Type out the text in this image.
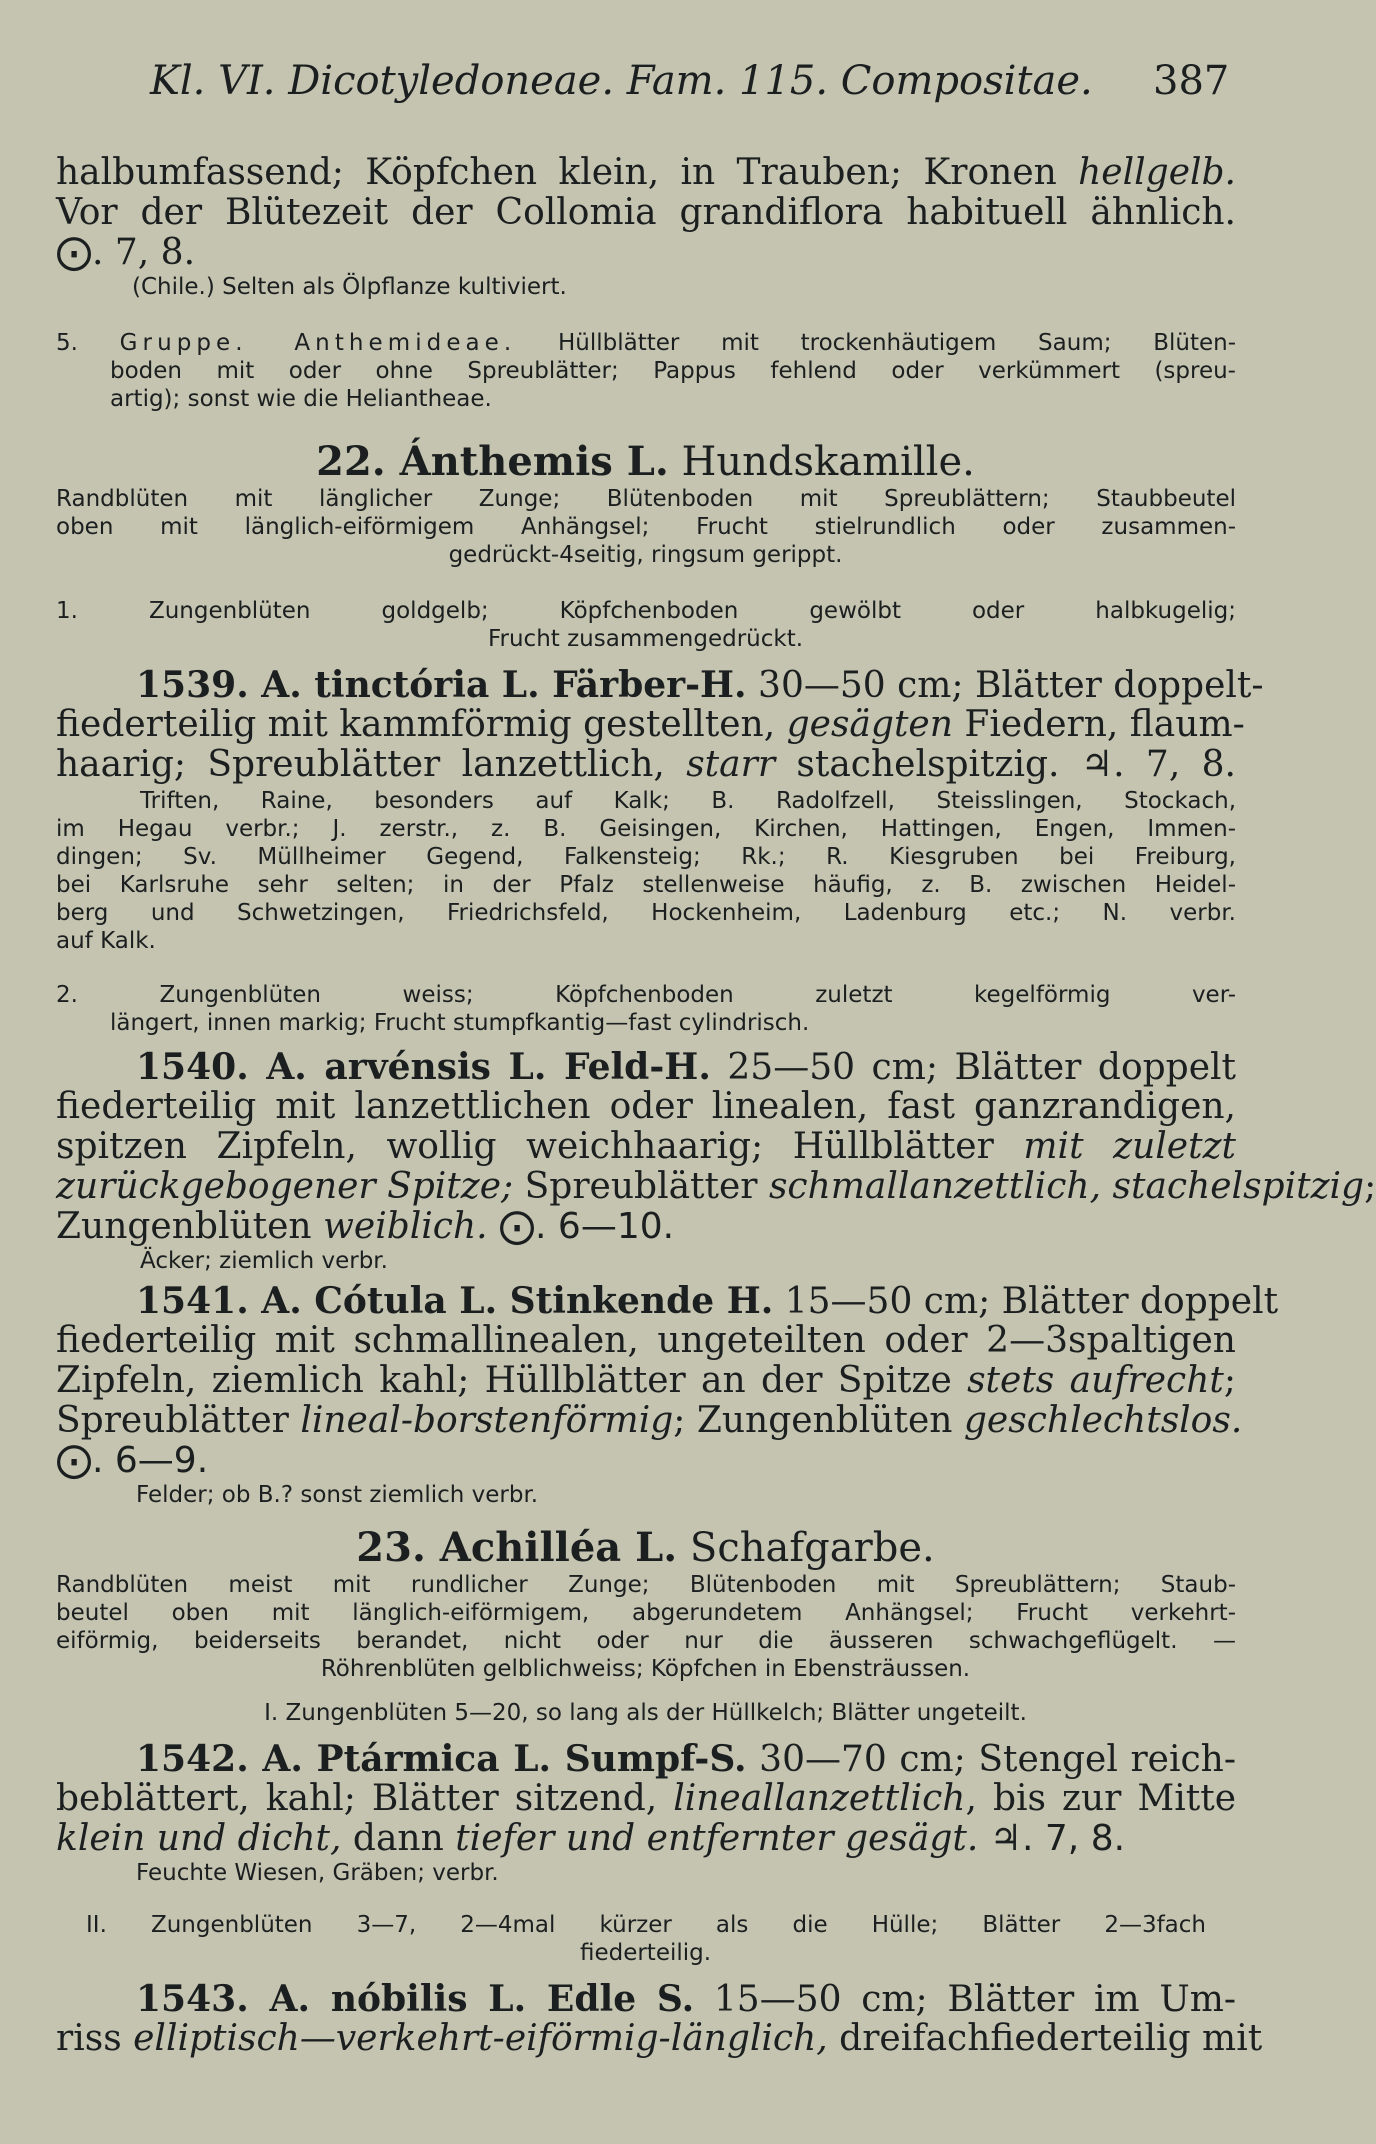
Kl. VI. Dicotyledoneae. Fam. 115. Compositae. 387
halbumfassend; Köpfchen klein, in Trauben; Kronen hellgelb.
Vor der Blütezeit der Collomia grandiflora habituell ähnlich.
⨀. 7, 8.
(Chile.) Selten als Ölpflanze kultiviert.
5. Gruppe. Anthemideae. Hüllblätter mit trockenhäutigem Saum; Blüten-
boden mit oder ohne Spreublätter; Pappus fehlend oder verkümmert (spreu-
artig); sonst wie die Heliantheae.
22. Ánthemis L. Hundskamille.
Randblüten mit länglicher Zunge; Blütenboden mit Spreublättern; Staubbeutel
oben mit länglich-eiförmigem Anhängsel; Frucht stielrundlich oder zusammen-
gedrückt-4seitig, ringsum gerippt.
1. Zungenblüten goldgelb; Köpfchenboden gewölbt oder halbkugelig;
Frucht zusammengedrückt.
1539. A. tinctória L. Färber-H. 30—50 cm; Blätter doppelt-
fiederteilig mit kammförmig gestellten, gesägten Fiedern, flaum-
haarig; Spreublätter lanzettlich, starr stachelspitzig. ♃. 7, 8.
Triften, Raine, besonders auf Kalk; B. Radolfzell, Steisslingen, Stockach,
im Hegau verbr.; J. zerstr., z. B. Geisingen, Kirchen, Hattingen, Engen, Immen-
dingen; Sv. Müllheimer Gegend, Falkensteig; Rk.; R. Kiesgruben bei Freiburg,
bei Karlsruhe sehr selten; in der Pfalz stellenweise häufig, z. B. zwischen Heidel-
berg und Schwetzingen, Friedrichsfeld, Hockenheim, Ladenburg etc.; N. verbr.
auf Kalk.
2. Zungenblüten weiss; Köpfchenboden zuletzt kegelförmig ver-
längert, innen markig; Frucht stumpfkantig—fast cylindrisch.
1540. A. arvénsis L. Feld-H. 25—50 cm; Blätter doppelt
fiederteilig mit lanzettlichen oder linealen, fast ganzrandigen,
spitzen Zipfeln, wollig weichhaarig; Hüllblätter mit zuletzt
zurückgebogener Spitze; Spreublätter schmallanzettlich, stachelspitzig;
Zungenblüten weiblich. ⨀. 6—10.
Äcker; ziemlich verbr.
1541. A. Cótula L. Stinkende H. 15—50 cm; Blätter doppelt
fiederteilig mit schmallinealen, ungeteilten oder 2—3spaltigen
Zipfeln, ziemlich kahl; Hüllblätter an der Spitze stets aufrecht;
Spreublätter lineal-borstenförmig; Zungenblüten geschlechtslos.
⨀. 6—9.
Felder; ob B.? sonst ziemlich verbr.
23. Achilléa L. Schafgarbe.
Randblüten meist mit rundlicher Zunge; Blütenboden mit Spreublättern; Staub-
beutel oben mit länglich-eiförmigem, abgerundetem Anhängsel; Frucht verkehrt-
eiförmig, beiderseits berandet, nicht oder nur die äusseren schwachgeflügelt. —
Röhrenblüten gelblichweiss; Köpfchen in Ebensträussen.
I. Zungenblüten 5—20, so lang als der Hüllkelch; Blätter ungeteilt.
1542. A. Ptármica L. Sumpf-S. 30—70 cm; Stengel reich-
beblättert, kahl; Blätter sitzend, lineallanzettlich, bis zur Mitte
klein und dicht, dann tiefer und entfernter gesägt. ♃. 7, 8.
Feuchte Wiesen, Gräben; verbr.
II. Zungenblüten 3—7, 2—4mal kürzer als die Hülle; Blätter 2—3fach
fiederteilig.
1543. A. nóbilis L. Edle S. 15—50 cm; Blätter im Um-
riss elliptisch—verkehrt-eiförmig-länglich, dreifachfiederteilig mit
